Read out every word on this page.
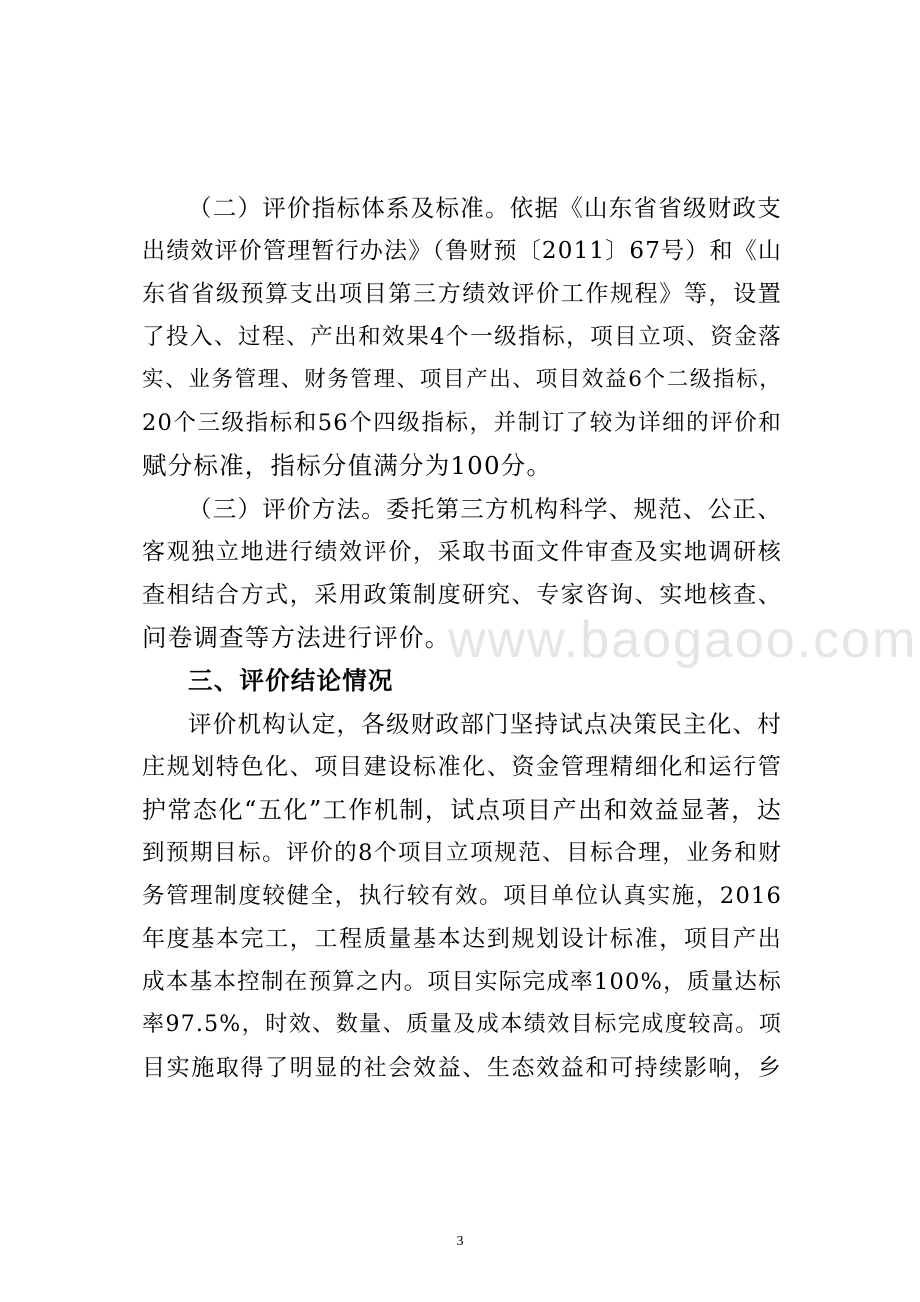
（二）评价指标体系及标准。依据《山东省省级财政支
出绩效评价管理暂行办法》（鲁财预〔2011〕67号）和《山
东省省级预算支出项目第三方绩效评价工作规程》等，设置
了投入、过程、产出和效果4个一级指标，项目立项、资金落
实、业务管理、财务管理、项目产出、项目效益6个二级指标，
20个三级指标和56个四级指标，并制订了较为详细的评价和
赋分标准，指标分值满分为100分。
（三）评价方法。委托第三方机构科学、规范、公正、
客观独立地进行绩效评价，采取书面文件审查及实地调研核
查相结合方式，采用政策制度研究、专家咨询、实地核查、
问卷调查等方法进行评价。
三、评价结论情况
评价机构认定，各级财政部门坚持试点决策民主化、村
庄规划特色化、项目建设标准化、资金管理精细化和运行管
护常态化“五化”工作机制，试点项目产出和效益显著，达
到预期目标。评价的8个项目立项规范、目标合理，业务和财
务管理制度较健全，执行较有效。项目单位认真实施，2016
年度基本完工，工程质量基本达到规划设计标准，项目产出
成本基本控制在预算之内。项目实际完成率100%，质量达标
率97.5%，时效、数量、质量及成本绩效目标完成度较高。项
目实施取得了明显的社会效益、生态效益和可持续影响，乡
www.baogaoo.com
3
